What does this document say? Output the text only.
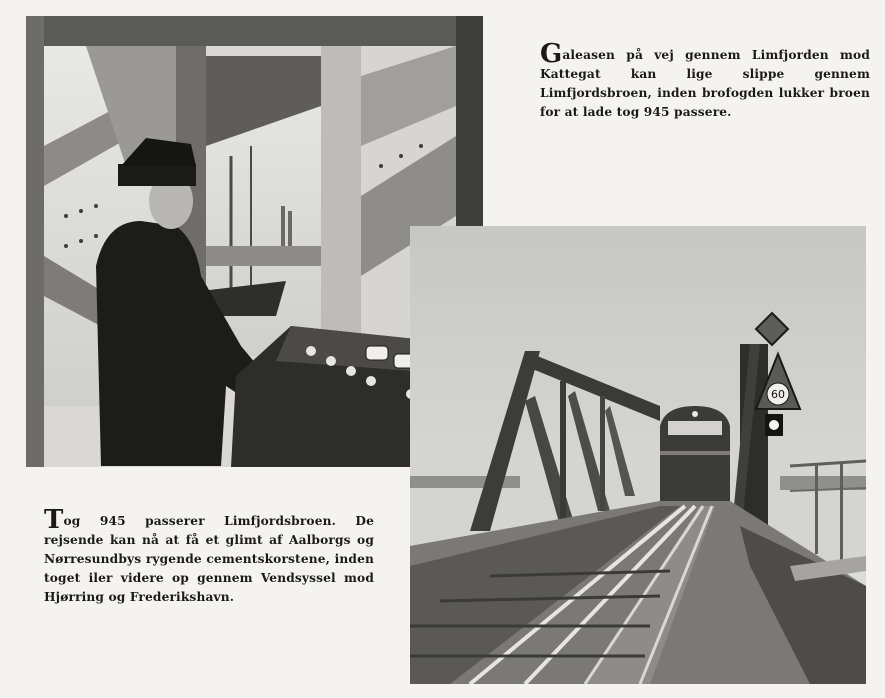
Galeasen på vej gennem Limfjorden mod Kattegat kan lige slippe gennem Limfjordsbroen, inden brofogden lukker broen for at lade tog 945 passere.

60

Tog 945 passerer Limfjordsbroen. De rejsende kan nå at få et glimt af Aalborgs og Nørresundbys rygende cementskorstene, inden toget iler videre op gennem Vendsyssel mod Hjørring og Frederikshavn.
